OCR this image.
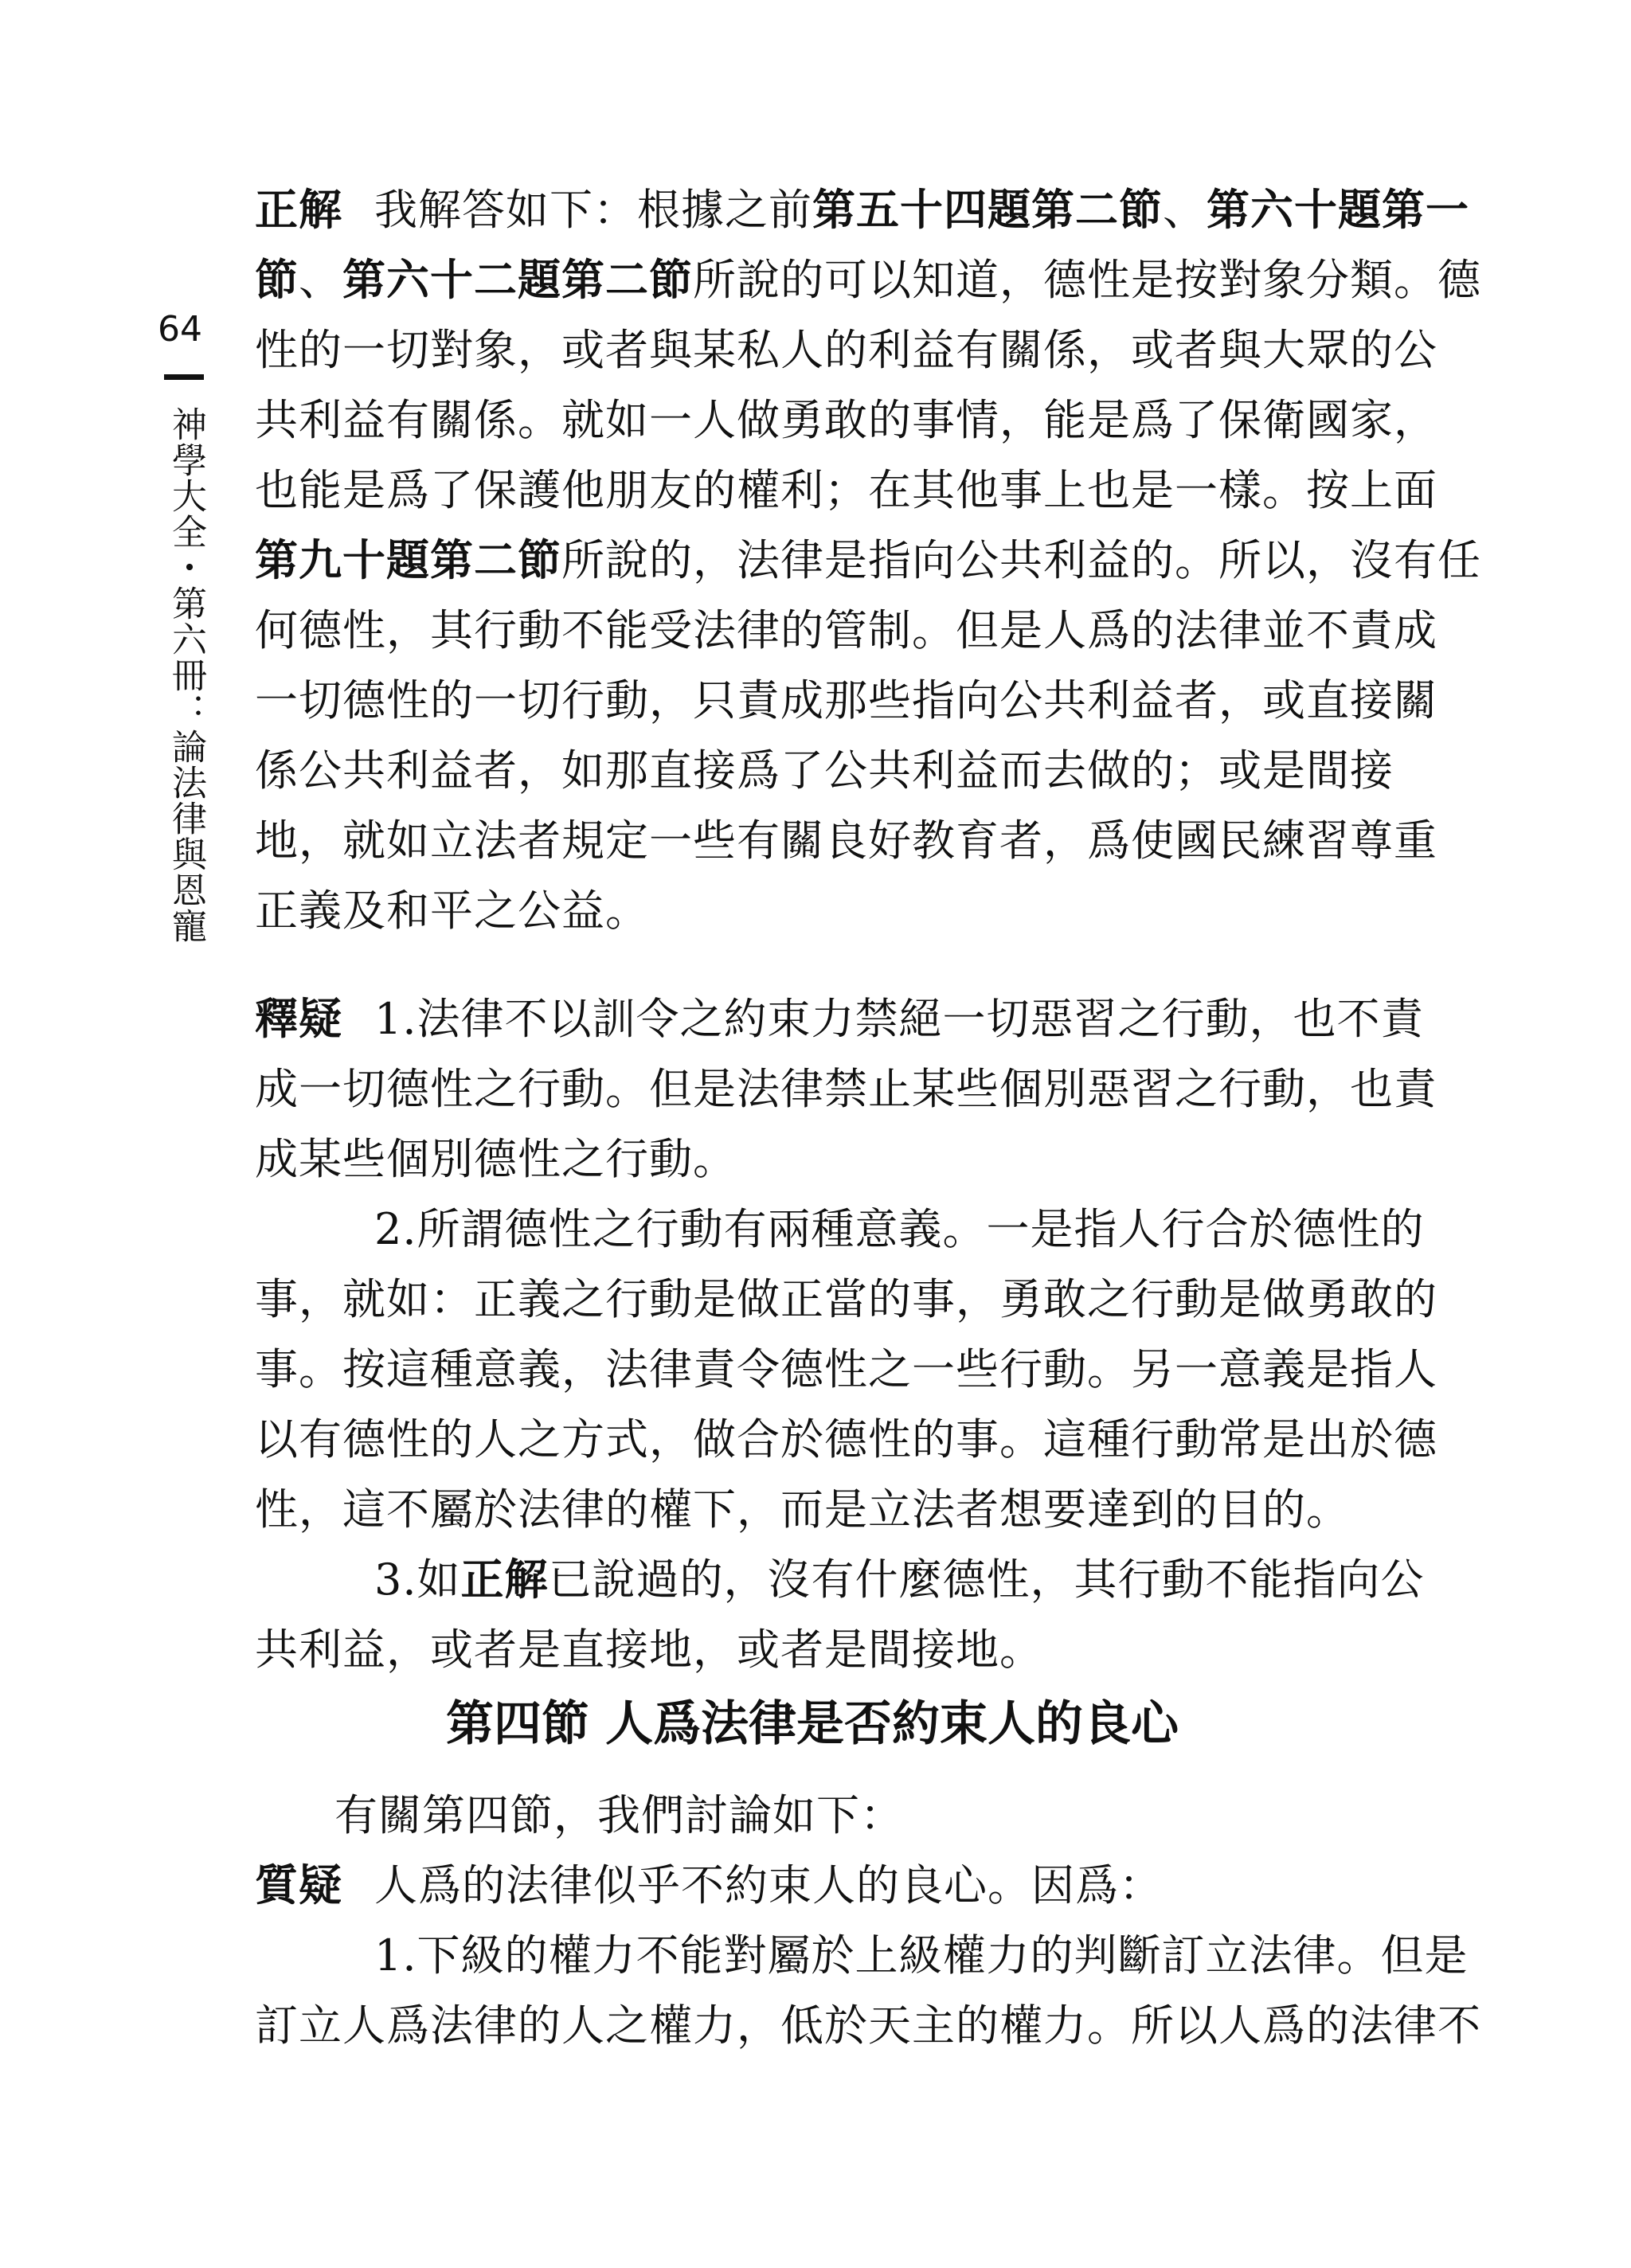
64
神學大全・第六冊：論法律與恩寵
正解 我解答如下：根據之前第五十四題第二節、第六十題第一
節、第六十二題第二節所說的可以知道，德性是按對象分類。德
性的一切對象，或者與某私人的利益有關係，或者與大眾的公
共利益有關係。就如一人做勇敢的事情，能是爲了保衛國家，
也能是爲了保護他朋友的權利；在其他事上也是一樣。按上面
第九十題第二節所說的，法律是指向公共利益的。所以，沒有任
何德性，其行動不能受法律的管制。但是人爲的法律並不責成
一切德性的一切行動，只責成那些指向公共利益者，或直接關
係公共利益者，如那直接爲了公共利益而去做的；或是間接
地，就如立法者規定一些有關良好教育者，爲使國民練習尊重
正義及和平之公益。
釋疑 1.法律不以訓令之約束力禁絕一切惡習之行動，也不責
成一切德性之行動。但是法律禁止某些個別惡習之行動，也責
成某些個別德性之行動。
2.所謂德性之行動有兩種意義。一是指人行合於德性的
事，就如：正義之行動是做正當的事，勇敢之行動是做勇敢的
事。按這種意義，法律責令德性之一些行動。另一意義是指人
以有德性的人之方式，做合於德性的事。這種行動常是出於德
性，這不屬於法律的權下，而是立法者想要達到的目的。
3.如正解已說過的，沒有什麼德性，其行動不能指向公
共利益，或者是直接地，或者是間接地。
第四節 人爲法律是否約束人的良心
有關第四節，我們討論如下：
質疑 人爲的法律似乎不約束人的良心。因爲：
1.下級的權力不能對屬於上級權力的判斷訂立法律。但是
訂立人爲法律的人之權力，低於天主的權力。所以人爲的法律不
